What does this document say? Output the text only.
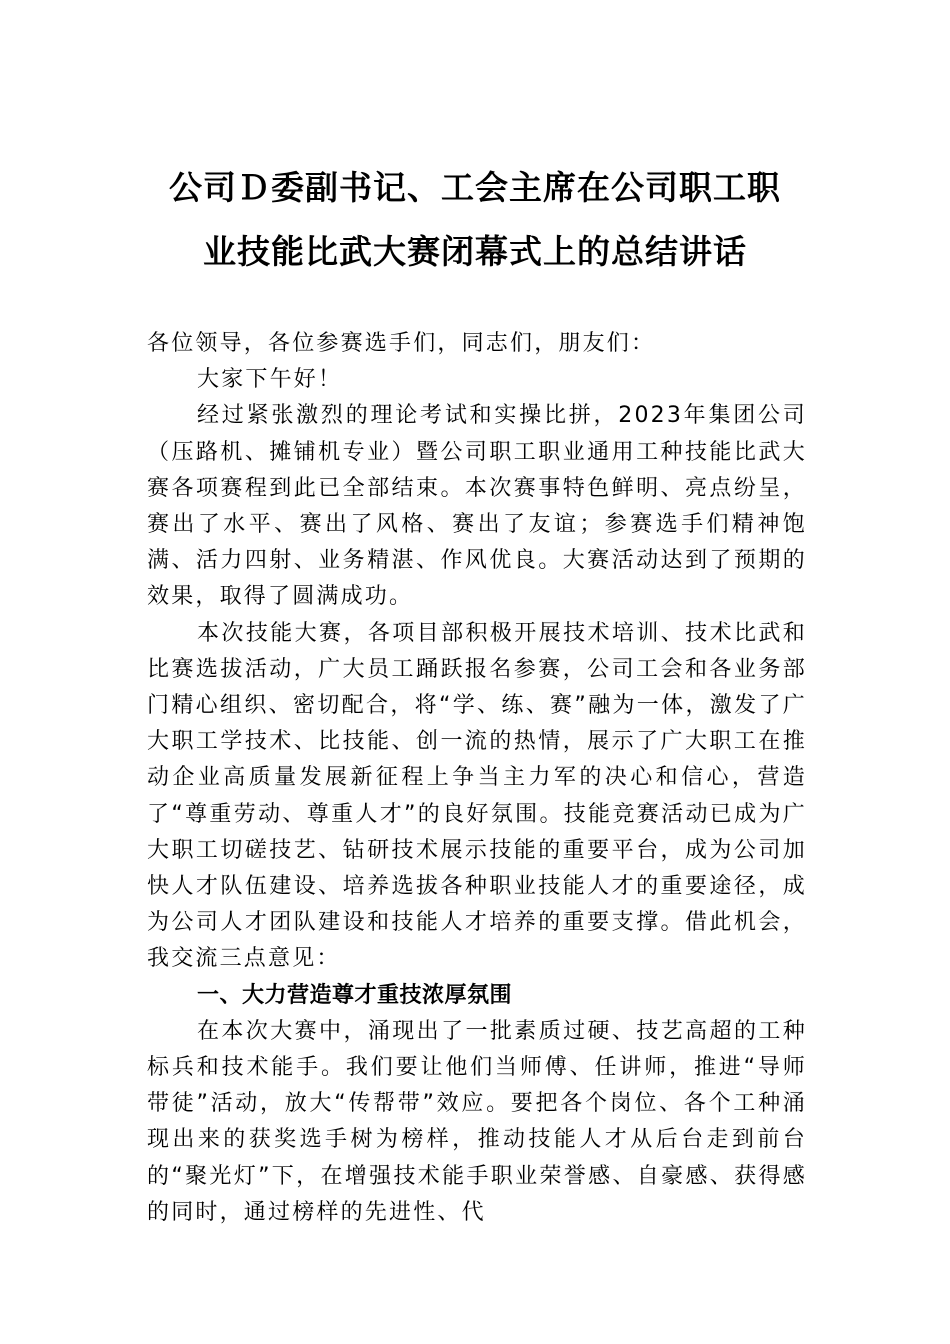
公司Ｄ委副书记、工会主席在公司职工职
业技能比武大赛闭幕式上的总结讲话

各位领导，各位参赛选手们，同志们，朋友们：

大家下午好！

经过紧张激烈的理论考试和实操比拼，2023年集团公司（压路机、摊铺机专业）暨公司职工职业通用工种技能比武大赛各项赛程到此已全部结束。本次赛事特色鲜明、亮点纷呈，赛出了水平、赛出了风格、赛出了友谊；参赛选手们精神饱满、活力四射、业务精湛、作风优良。大赛活动达到了预期的效果，取得了圆满成功。

本次技能大赛，各项目部积极开展技术培训、技术比武和比赛选拔活动，广大员工踊跃报名参赛，公司工会和各业务部门精心组织、密切配合，将“学、练、赛”融为一体，激发了广大职工学技术、比技能、创一流的热情，展示了广大职工在推动企业高质量发展新征程上争当主力军的决心和信心，营造了“尊重劳动、尊重人才”的良好氛围。技能竞赛活动已成为广大职工切磋技艺、钻研技术展示技能的重要平台，成为公司加快人才队伍建设、培养选拔各种职业技能人才的重要途径，成为公司人才团队建设和技能人才培养的重要支撑。借此机会，我交流三点意见：

一、大力营造尊才重技浓厚氛围

在本次大赛中，涌现出了一批素质过硬、技艺高超的工种标兵和技术能手。我们要让他们当师傅、任讲师，推进“导师带徒”活动，放大“传帮带”效应。要把各个岗位、各个工种涌现出来的获奖选手树为榜样，推动技能人才从后台走到前台的“聚光灯”下，在增强技术能手职业荣誉感、自豪感、获得感的同时，通过榜样的先进性、代
